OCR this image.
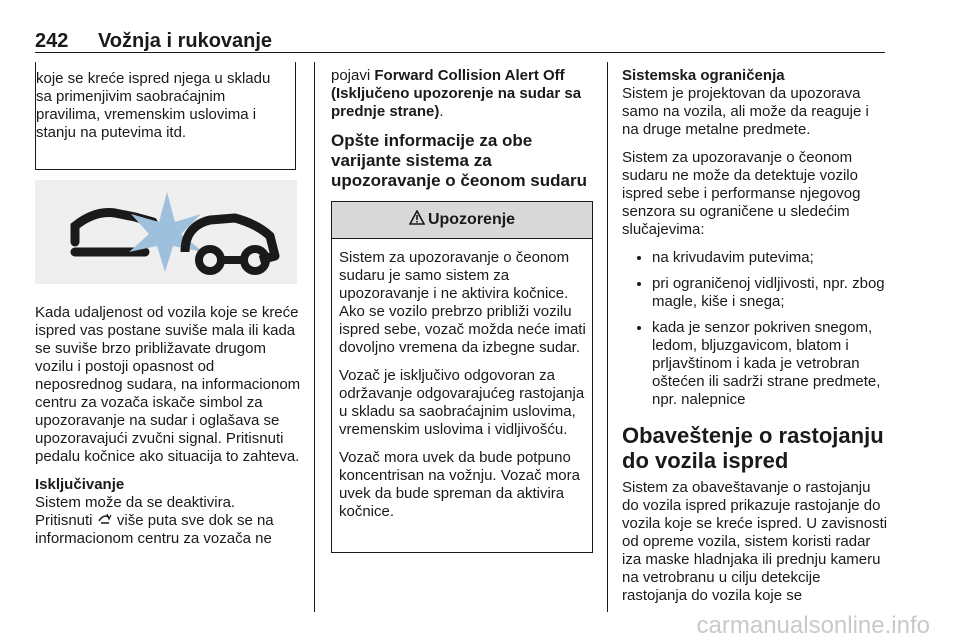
242 Vožnja i rukovanje
koje se kreće ispred njega u skladu sa primenjivim saobraćajnim pravilima, vremenskim uslovima i stanju na putevima itd.

Kada udaljenost od vozila koje se kreće ispred vas postane suviše mala ili kada se suviše brzo približavate drugom vozilu i postoji opasnost od neposrednog sudara, na informacionom centru za vozača iskače simbol za upozoravanje na sudar i oglašava se upozoravajući zvučni signal. Pritisnuti pedalu kočnice ako situacija to zahteva.

Isključivanje
Sistem može da se deaktivira.
Pritisnuti više puta sve dok se na informacionom centru za vozača ne

pojavi Forward Collision Alert Off (Isključeno upozorenje na sudar sa prednje strane).

Opšte informacije za obe varijante sistema za upozoravanje o čeonom sudaru
Upozorenje

Sistem za upozoravanje o čeonom sudaru je samo sistem za upozoravanje i ne aktivira kočnice. Ako se vozilo prebrzo približi vozilu ispred sebe, vozač možda neće imati dovoljno vremena da izbegne sudar.

Vozač je isključivo odgovoran za održavanje odgovarajućeg rastojanja u skladu sa saobraćajnim uslovima, vremenskim uslovima i vidljivošću.

Vozač mora uvek da bude potpuno koncentrisan na vožnju. Vozač mora uvek da bude spreman da aktivira kočnice.

Sistemska ograničenja

Sistem je projektovan da upozorava samo na vozila, ali može da reaguje i na druge metalne predmete.

Sistem za upozoravanje o čeonom sudaru ne može da detektuje vozilo ispred sebe i performanse njegovog senzora su ograničene u sledećim slučajevima:

• na krivudavim putevima;
• pri ograničenoj vidljivosti, npr. zbog magle, kiše i snega;
• kada je senzor pokriven snegom, ledom, bljuzgavicom, blatom i prljavštinom i kada je vetrobran oštećen ili sadrži strane predmete, npr. nalepnice
Obaveštenje o rastojanju do vozila ispred
Sistem za obaveštavanje o rastojanju do vozila ispred prikazuje rastojanje do vozila koje se kreće ispred. U zavisnosti od opreme vozila, sistem koristi radar iza maske hladnjaka ili prednju kameru na vetrobranu u cilju detekcije rastojanja do vozila koje se
carmanualsonline.info
